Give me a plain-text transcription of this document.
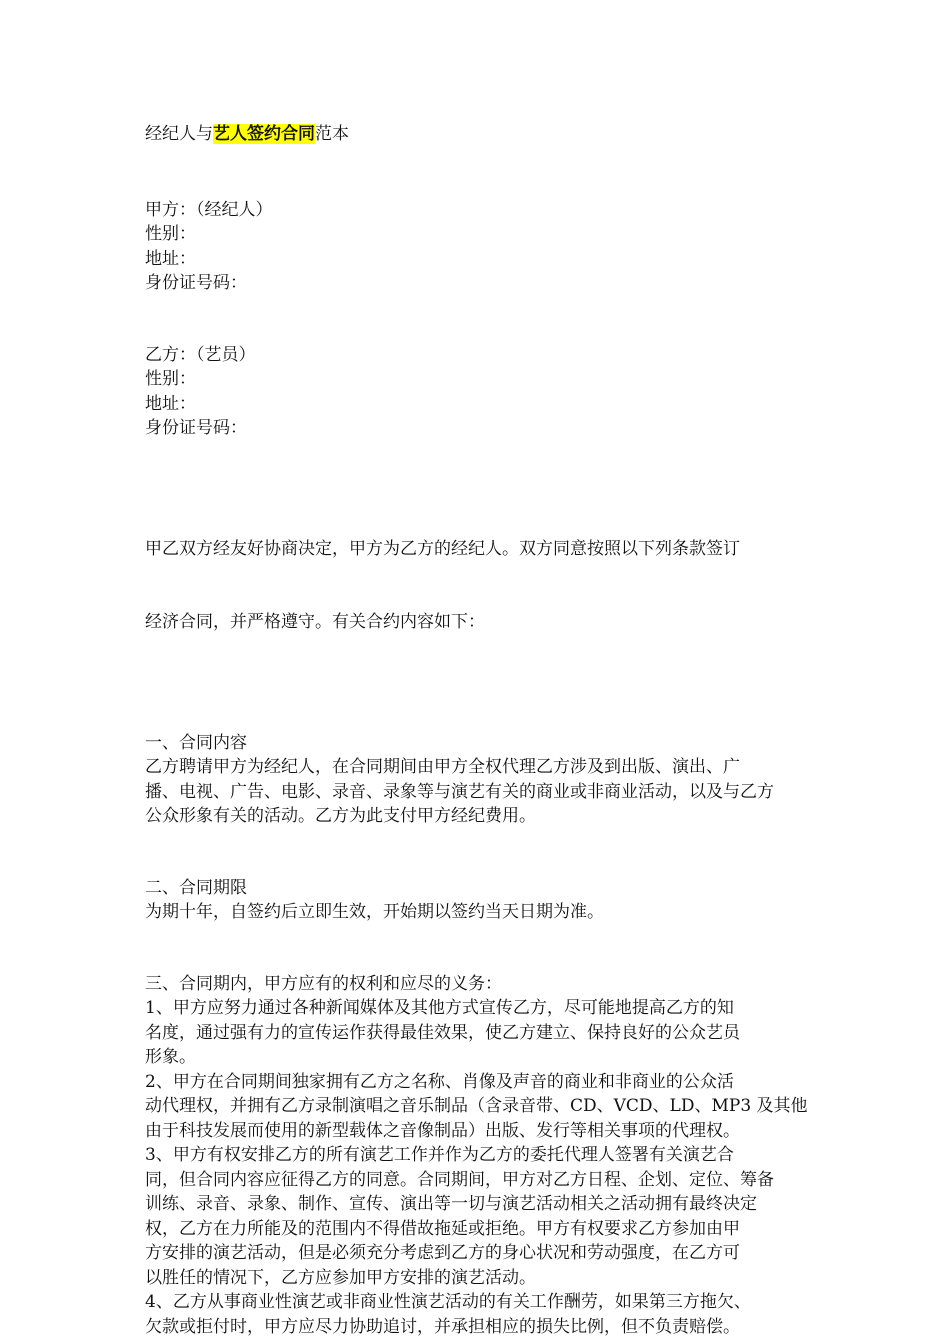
经纪人与艺人签约合同范本
甲方：（经纪人）
性别：
地址：
身份证号码：
乙方：（艺员）
性别：
地址：
身份证号码：

甲乙双方经友好协商决定，甲方为乙方的经纪人。双方同意按照以下列条款签订

经济合同，并严格遵守。有关合约内容如下：

一、合同内容
乙方聘请甲方为经纪人，在合同期间由甲方全权代理乙方涉及到出版、演出、广
播、电视、广告、电影、录音、录象等与演艺有关的商业或非商业活动，以及与乙方
公众形象有关的活动。乙方为此支付甲方经纪费用。
二、合同期限
为期十年，自签约后立即生效，开始期以签约当天日期为准。
三、合同期内，甲方应有的权利和应尽的义务：
1、甲方应努力通过各种新闻媒体及其他方式宣传乙方，尽可能地提高乙方的知
名度，通过强有力的宣传运作获得最佳效果，使乙方建立、保持良好的公众艺员
形象。
2、甲方在合同期间独家拥有乙方之名称、肖像及声音的商业和非商业的公众活
动代理权，并拥有乙方录制演唱之音乐制品（含录音带、CD、VCD、LD、MP3 及其他
由于科技发展而使用的新型载体之音像制品）出版、发行等相关事项的代理权。
3、甲方有权安排乙方的所有演艺工作并作为乙方的委托代理人签署有关演艺合
同，但合同内容应征得乙方的同意。合同期间，甲方对乙方日程、企划、定位、筹备
训练、录音、录象、制作、宣传、演出等一切与演艺活动相关之活动拥有最终决定
权，乙方在力所能及的范围内不得借故拖延或拒绝。甲方有权要求乙方参加由甲
方安排的演艺活动，但是必须充分考虑到乙方的身心状况和劳动强度，在乙方可
以胜任的情况下，乙方应参加甲方安排的演艺活动。
4、乙方从事商业性演艺或非商业性演艺活动的有关工作酬劳，如果第三方拖欠、
欠款或拒付时，甲方应尽力协助追讨，并承担相应的损失比例，但不负责赔偿。
